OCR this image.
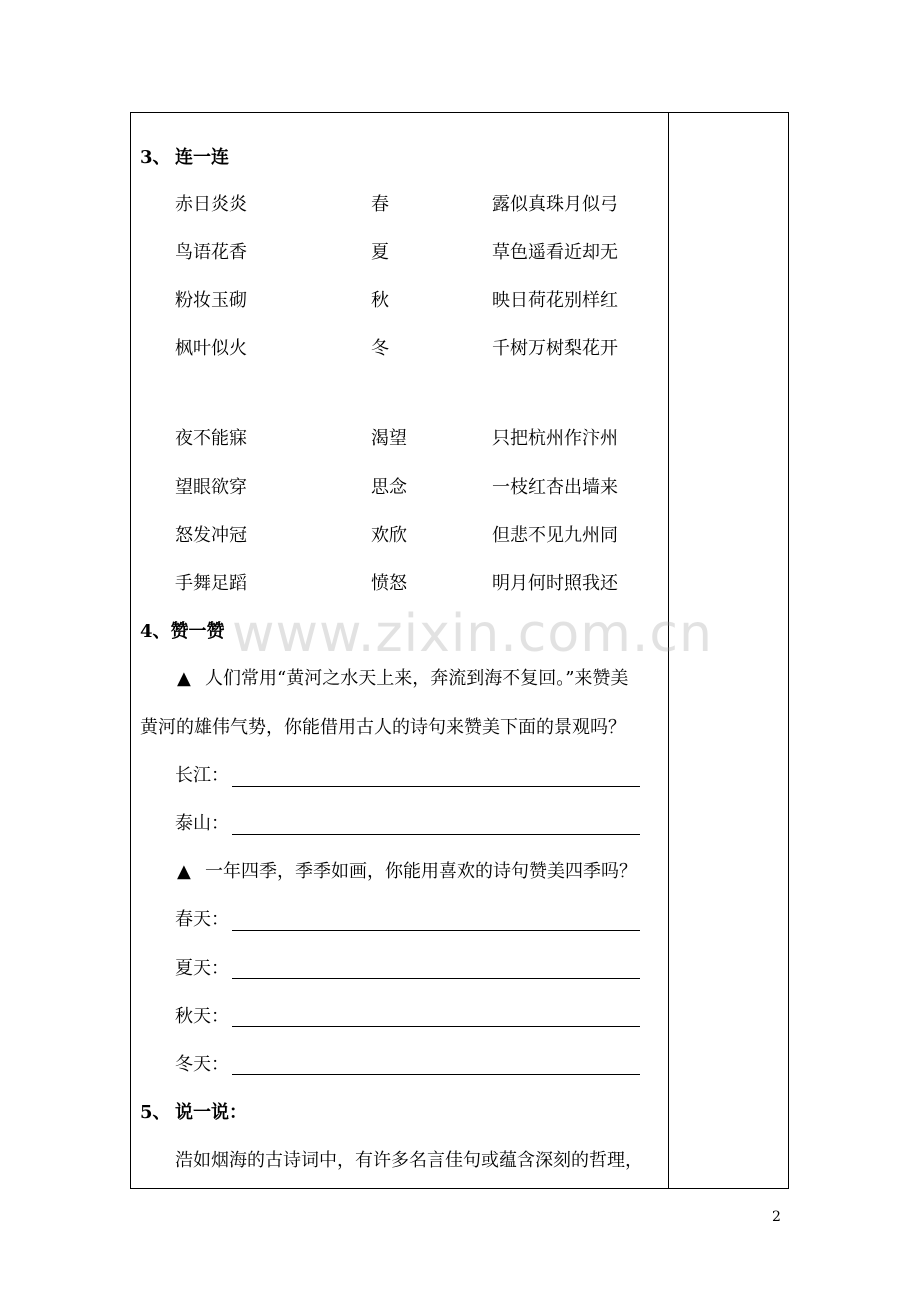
3、 连一连
赤日炎炎	春	露似真珠月似弓
鸟语花香	夏	草色遥看近却无
粉妆玉砌	秋	映日荷花别样红
枫叶似火	冬	千树万树梨花开
夜不能寐	渴望	只把杭州作汴州
望眼欲穿	思念	一枝红杏出墙来
怒发冲冠	欢欣	但悲不见九州同
手舞足蹈	愤怒	明月何时照我还
www.zixin.com.cn
4、赞一赞
▲ 人们常用“黄河之水天上来，奔流到海不复回。”来赞美
黄河的雄伟气势，你能借用古人的诗句来赞美下面的景观吗？
长江：
泰山：
▲ 一年四季，季季如画，你能用喜欢的诗句赞美四季吗？
春天：
夏天：
秋天：
冬天：
5、 说一说：
浩如烟海的古诗词中，有许多名言佳句或蕴含深刻的哲理，
2
